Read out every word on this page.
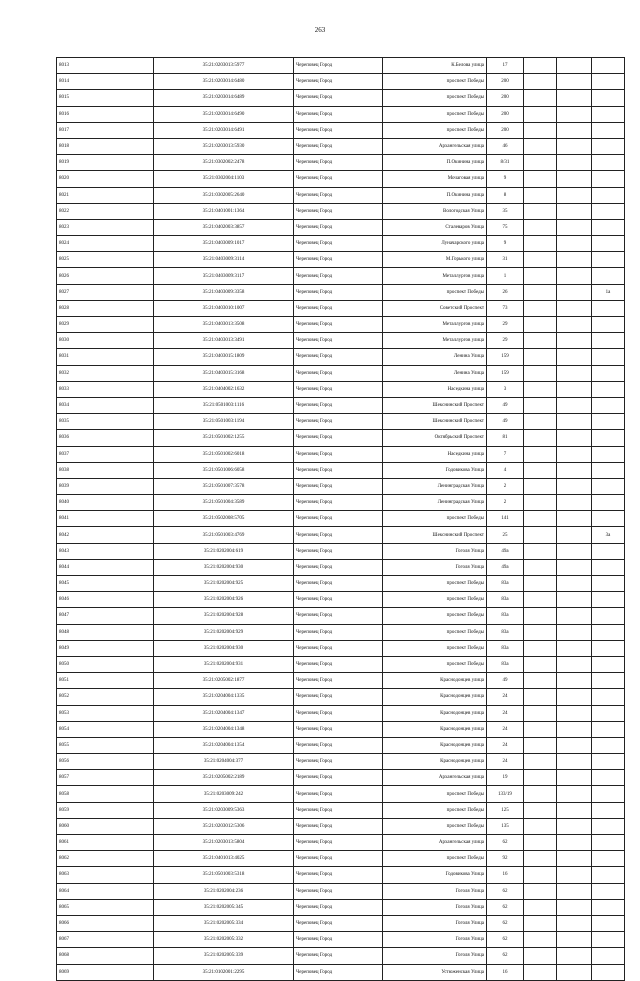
263
8013	35:21:0203013:5977	Череповец Город	К.Белова улица	17			
8014	35:21:0203014:6480	Череповец Город	проспект Победы	200			
8015	35:21:0203014:6489	Череповец Город	проспект Победы	200			
8016	35:21:0203014:6490	Череповец Город	проспект Победы	200			
8017	35:21:0203014:6491	Череповец Город	проспект Победы	200			
8018	35:21:0203013:5930	Череповец Город	Архангельская улица	46			
8019	35:21:0302002:2478	Череповец Город	П.Окинина улица	8/31			
8020	35:21:0302004:1103	Череповец Город	Мочаговая улица	9			
8021	35:21:0302005:2640	Череповец Город	П.Окинина улица	8			
8022	35:21:0401001:1364	Череповец Город	Вологодская Улица	35			
8023	35:21:0402003:3857	Череповец Город	Сталеваров Улица	75			
8024	35:21:0403009:1017	Череповец Город	Луначарского улица	9			
8025	35:21:0403009:3114	Череповец Город	М.Горького улица	31			
8026	35:21:0403009:3117	Череповец Город	Металлургов улица	1			
8027	35:21:0403009:3358	Череповец Город	проспект Победы	26			1а
8028	35:21:0403010:1007	Череповец Город	Советский Проспект	73			
8029	35:21:0403013:3508	Череповец Город	Металлургов улица	29			
8030	35:21:0403013:3491	Череповец Город	Металлургов улица	29			
8031	35:21:0403015:1809	Череповец Город	Ленина Улица	159			
8032	35:21:0403015:3168	Череповец Город	Ленина Улица	159			
8033	35:21:0404002:1632	Череповец Город	Наседкина улица	3			
8034	35:21:0501003:1116	Череповец Город	Шекснинский Проспект	49			
8035	35:21:0501003:1194	Череповец Город	Шекснинский Проспект	49			
8036	35:21:0501002:1255	Череповец Город	Октябрьский Проспект	81			
8037	35:21:0501002:6018	Череповец Город	Наседкина улица	7			
8038	35:21:0501006:6058	Череповец Город	Годовикова Улица	4			
8039	35:21:0501007:3578	Череповец Город	Ленинградская Улица	2			
8040	35:21:0501004:3589	Череповец Город	Ленинградская Улица	2			
8041	35:21:0502008:5705	Череповец Город	проспект Победы	141			
8042	35:21:0501003:4769	Череповец Город	Шекснинский Проспект	25			3а
8043	35:21:0202004:619	Череповец Город	Гоголя Улица	49а			
8044	35:21:0202004:930	Череповец Город	Гоголя Улица	49а			
8045	35:21:0202004:925	Череповец Город	проспект Победы	83а			
8046	35:21:0202004:926	Череповец Город	проспект Победы	83а			
8047	35:21:0202004:928	Череповец Город	проспект Победы	83а			
8048	35:21:0202004:929	Череповец Город	проспект Победы	83а			
8049	35:21:0202004:930	Череповец Город	проспект Победы	83а			
8050	35:21:0202004:931	Череповец Город	проспект Победы	83а			
8051	35:21:0205002:1877	Череповец Город	Краснодонцев улица	49			
8052	35:21:0204004:1335	Череповец Город	Краснодонцев улица	24			
8053	35:21:0204004:1347	Череповец Город	Краснодонцев улица	24			
8054	35:21:0204004:1348	Череповец Город	Краснодонцев улица	24			
8055	35:21:0204004:1354	Череповец Город	Краснодонцев улица	24			
8056	35:21:0204004:377	Череповец Город	Краснодонцев улица	24			
8057	35:21:0205002:2189	Череповец Город	Архангельская улица	19			
8058	35:21:0203009:242	Череповец Город	проспект Победы	133/19			
8059	35:21:0203009:5363	Череповец Город	проспект Победы	125			
8060	35:21:0203012:5306	Череповец Город	проспект Победы	135			
8061	35:21:0203013:5804	Череповец Город	Архангельская улица	62			
8062	35:21:0401013:4025	Череповец Город	проспект Победы	92			
8063	35:21:0501003:5318	Череповец Город	Годовикова Улица	16			
8064	35:21:0202004:236	Череповец Город	Гоголя Улица	62			
8065	35:21:0202005:345	Череповец Город	Гоголя Улица	62			
8066	35:21:0202005:334	Череповец Город	Гоголя Улица	62			
8067	35:21:0202005:332	Череповец Город	Гоголя Улица	62			
8068	35:21:0202005:339	Череповец Город	Гоголя Улица	62			
8069	35:21:0102001:2295	Череповец Город	Устюженская Улица	16			
